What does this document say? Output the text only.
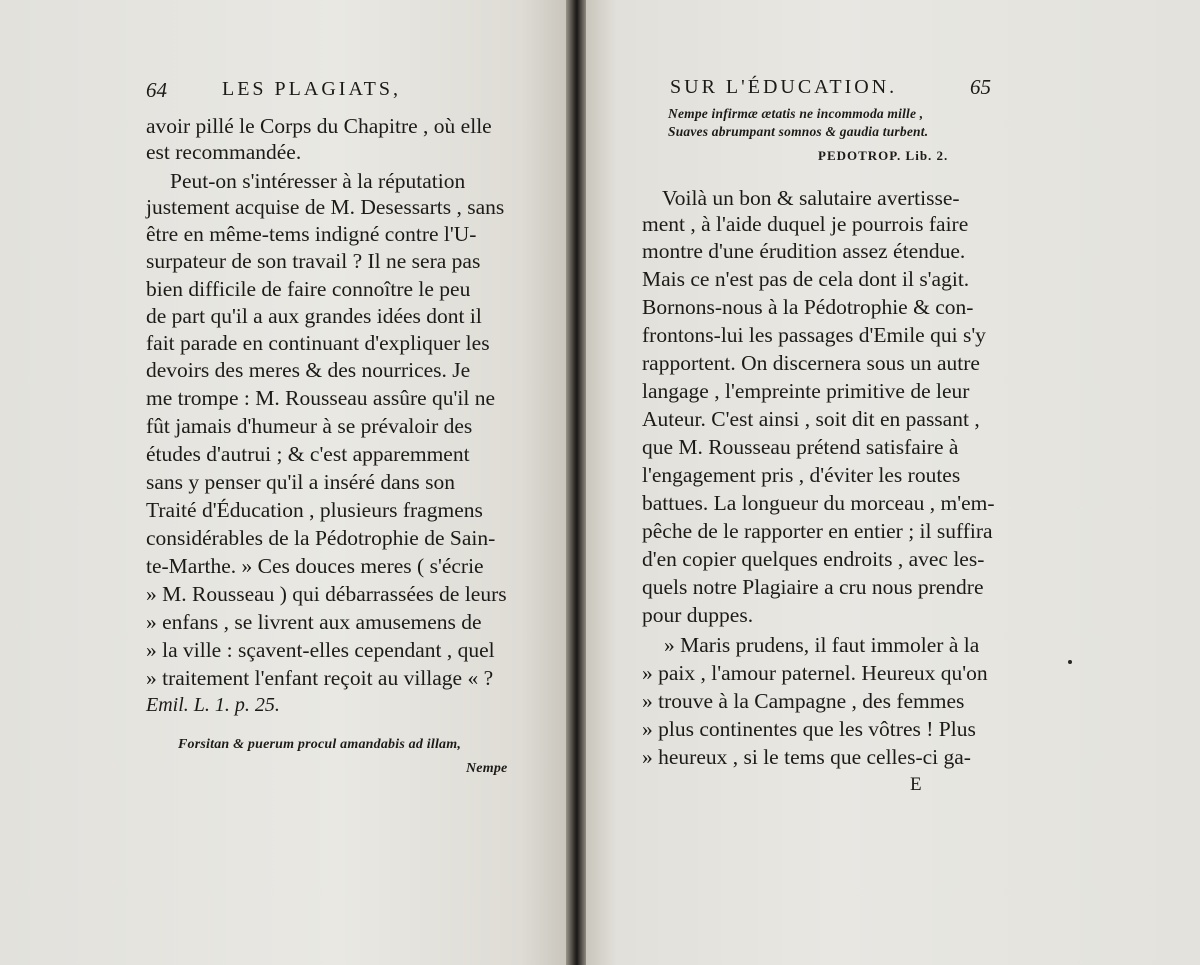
64	LES PLAGIATS,
avoir pillé le Corps du Chapitre , où elle
est recommandée.
Peut-on s'intéresser à la réputation
justement acquise de M. Desessarts , sans
être en même-tems indigné contre l'U-
surpateur de son travail ? Il ne sera pas
bien difficile de faire connoître le peu
de part qu'il a aux grandes idées dont il
fait parade en continuant d'expliquer les
devoirs des meres & des nourrices. Je
me trompe : M. Rousseau assûre qu'il ne
fût jamais d'humeur à se prévaloir des
études d'autrui ; & c'est apparemment
sans y penser qu'il a inséré dans son
Traité d'Éducation , plusieurs fragmens
considérables de la Pédotrophie de Sain-
te-Marthe. » Ces douces meres ( s'écrie
» M. Rousseau ) qui débarrassées de leurs
» enfans , se livrent aux amusemens de
» la ville : sçavent-elles cependant , quel
» traitement l'enfant reçoit au village « ?
Emil. L. 1. p. 25.
Forsitan & puerum procul amandabis ad illam,
Nempe
SUR L'ÉDUCATION.	65
Nempe infirmæ ætatis ne incommoda mille ,
Suaves abrumpant somnos & gaudia turbent.
PEDOTROP. Lib. 2.
Voilà un bon & salutaire avertisse-
ment , à l'aide duquel je pourrois faire
montre d'une érudition assez étendue.
Mais ce n'est pas de cela dont il s'agit.
Bornons-nous à la Pédotrophie & con-
frontons-lui les passages d'Emile qui s'y
rapportent. On discernera sous un autre
langage , l'empreinte primitive de leur
Auteur. C'est ainsi , soit dit en passant ,
que M. Rousseau prétend satisfaire à
l'engagement pris , d'éviter les routes
battues. La longueur du morceau , m'em-
pêche de le rapporter en entier ; il suffira
d'en copier quelques endroits , avec les-
quels notre Plagiaire a cru nous prendre
pour duppes.
» Maris prudens, il faut immoler à la
» paix , l'amour paternel. Heureux qu'on
» trouve à la Campagne , des femmes
» plus continentes que les vôtres ! Plus
» heureux , si le tems que celles-ci ga-
E
